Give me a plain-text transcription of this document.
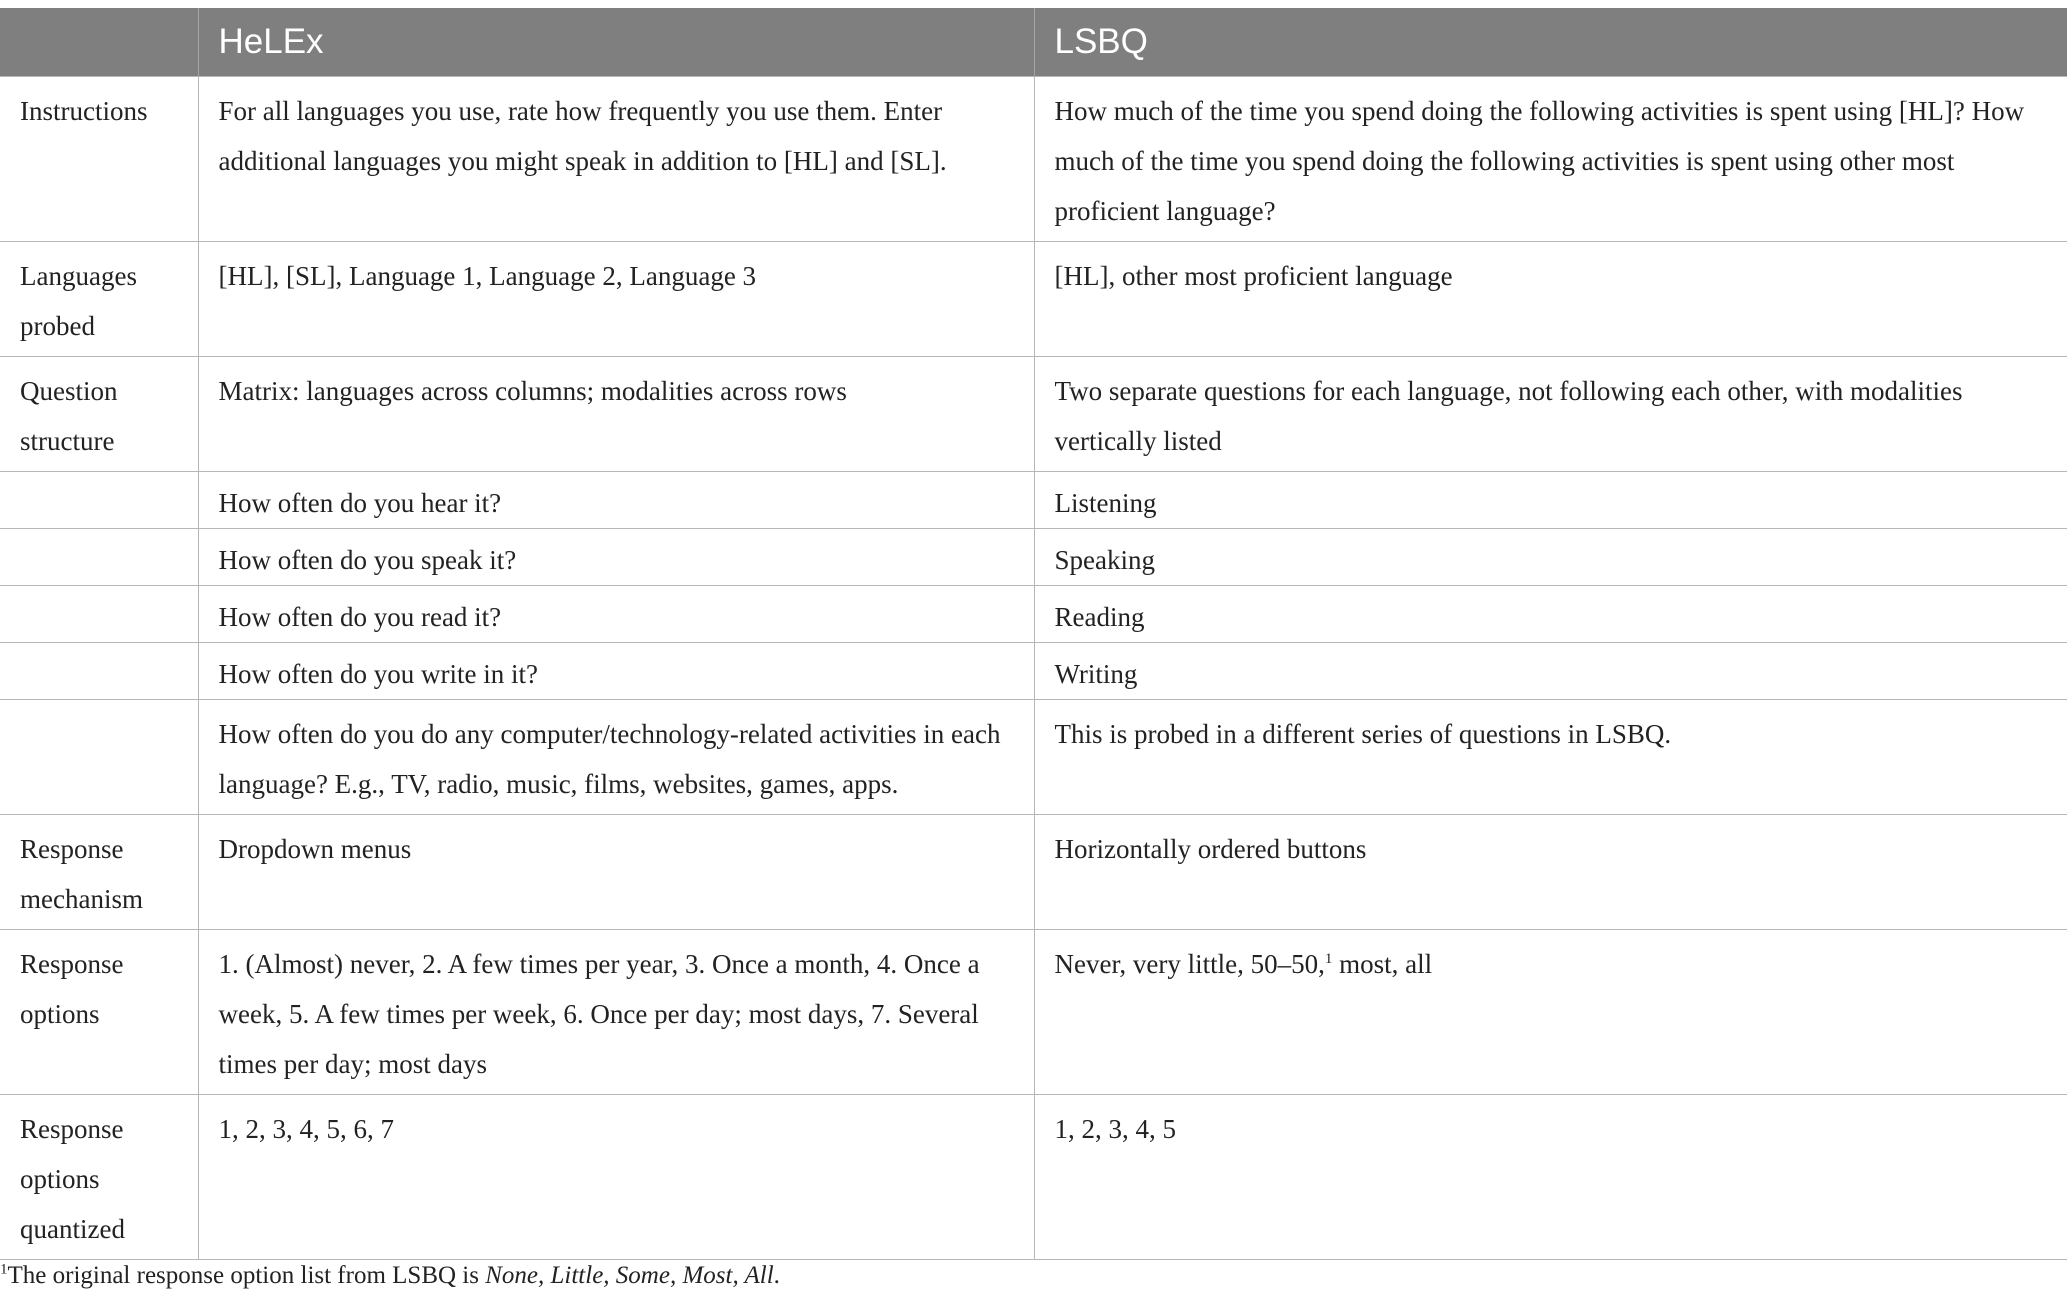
	HeLEx	LSBQ
Instructions	For all languages you use, rate how frequently you use them. Enter additional languages you might speak in addition to [HL] and [SL].	How much of the time you spend doing the following activities is spent using [HL]? How much of the time you spend doing the following activities is spent using other most proficient language?
Languages probed	[HL], [SL], Language 1, Language 2, Language 3	[HL], other most proficient language
Question structure	Matrix: languages across columns; modalities across rows	Two separate questions for each language, not following each other, with modalities vertically listed
	How often do you hear it?	Listening
	How often do you speak it?	Speaking
	How often do you read it?	Reading
	How often do you write in it?	Writing
	How often do you do any computer/technology-related activities in each language? E.g., TV, radio, music, films, websites, games, apps.	This is probed in a different series of questions in LSBQ.
Response mechanism	Dropdown menus	Horizontally ordered buttons
Response options	1. (Almost) never, 2. A few times per year, 3. Once a month, 4. Once a week, 5. A few times per week, 6. Once per day; most days, 7. Several times per day; most days	Never, very little, 50–50,$^1$ most, all
Response options quantized	1, 2, 3, 4, 5, 6, 7	1, 2, 3, 4, 5
$^1$The original response option list from LSBQ is None, Little, Some, Most, All.
